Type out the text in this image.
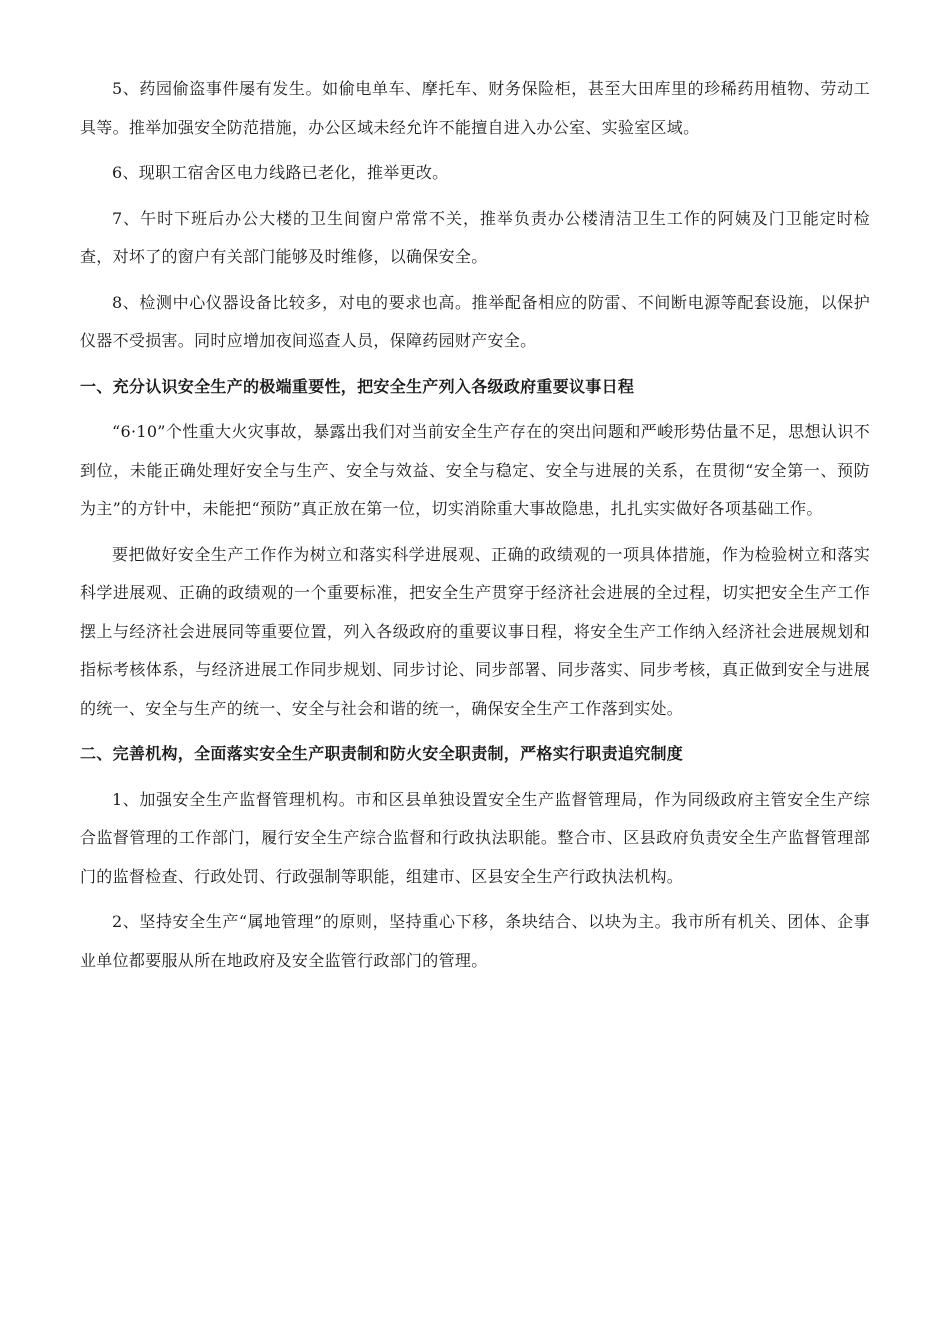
5、药园偷盗事件屡有发生。如偷电单车、摩托车、财务保险柜，甚至大田库里的珍稀药用植物、劳动工具等。推举加强安全防范措施，办公区域未经允许不能擅自进入办公室、实验室区域。

6、现职工宿舍区电力线路已老化，推举更改。

7、午时下班后办公大楼的卫生间窗户常常不关，推举负责办公楼清洁卫生工作的阿姨及门卫能定时检查，对坏了的窗户有关部门能够及时维修，以确保安全。

8、检测中心仪器设备比较多，对电的要求也高。推举配备相应的防雷、不间断电源等配套设施，以保护仪器不受损害。同时应增加夜间巡查人员，保障药园财产安全。

一、充分认识安全生产的极端重要性，把安全生产列入各级政府重要议事日程

“6·10”个性重大火灾事故，暴露出我们对当前安全生产存在的突出问题和严峻形势估量不足，思想认识不到位，未能正确处理好安全与生产、安全与效益、安全与稳定、安全与进展的关系，在贯彻“安全第一、预防为主”的方针中，未能把“预防”真正放在第一位，切实消除重大事故隐患，扎扎实实做好各项基础工作。

要把做好安全生产工作作为树立和落实科学进展观、正确的政绩观的一项具体措施，作为检验树立和落实科学进展观、正确的政绩观的一个重要标准，把安全生产贯穿于经济社会进展的全过程，切实把安全生产工作摆上与经济社会进展同等重要位置，列入各级政府的重要议事日程，将安全生产工作纳入经济社会进展规划和指标考核体系，与经济进展工作同步规划、同步讨论、同步部署、同步落实、同步考核，真正做到安全与进展的统一、安全与生产的统一、安全与社会和谐的统一，确保安全生产工作落到实处。

二、完善机构，全面落实安全生产职责制和防火安全职责制，严格实行职责追究制度

1、加强安全生产监督管理机构。市和区县单独设置安全生产监督管理局，作为同级政府主管安全生产综合监督管理的工作部门，履行安全生产综合监督和行政执法职能。整合市、区县政府负责安全生产监督管理部门的监督检查、行政处罚、行政强制等职能，组建市、区县安全生产行政执法机构。

2、坚持安全生产“属地管理”的原则，坚持重心下移，条块结合、以块为主。我市所有机关、团体、企事业单位都要服从所在地政府及安全监管行政部门的管理。
